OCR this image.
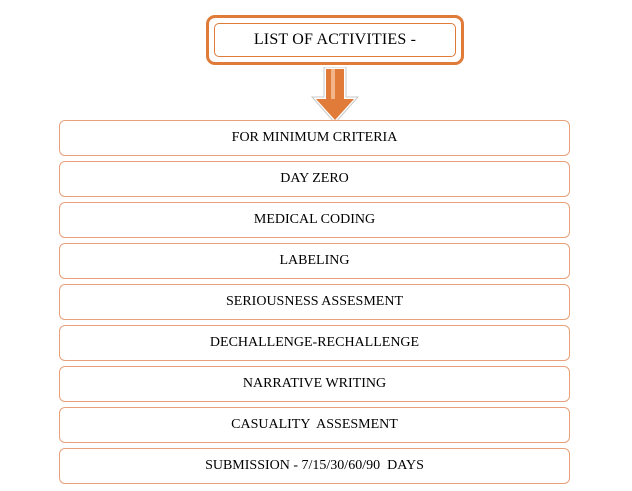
LIST OF ACTIVITIES -
FOR MINIMUM CRITERIA
DAY ZERO
MEDICAL CODING
LABELING
SERIOUSNESS ASSESMENT
DECHALLENGE-RECHALLENGE
NARRATIVE WRITING
CASUALITY  ASSESMENT
SUBMISSION - 7/15/30/60/90  DAYS
